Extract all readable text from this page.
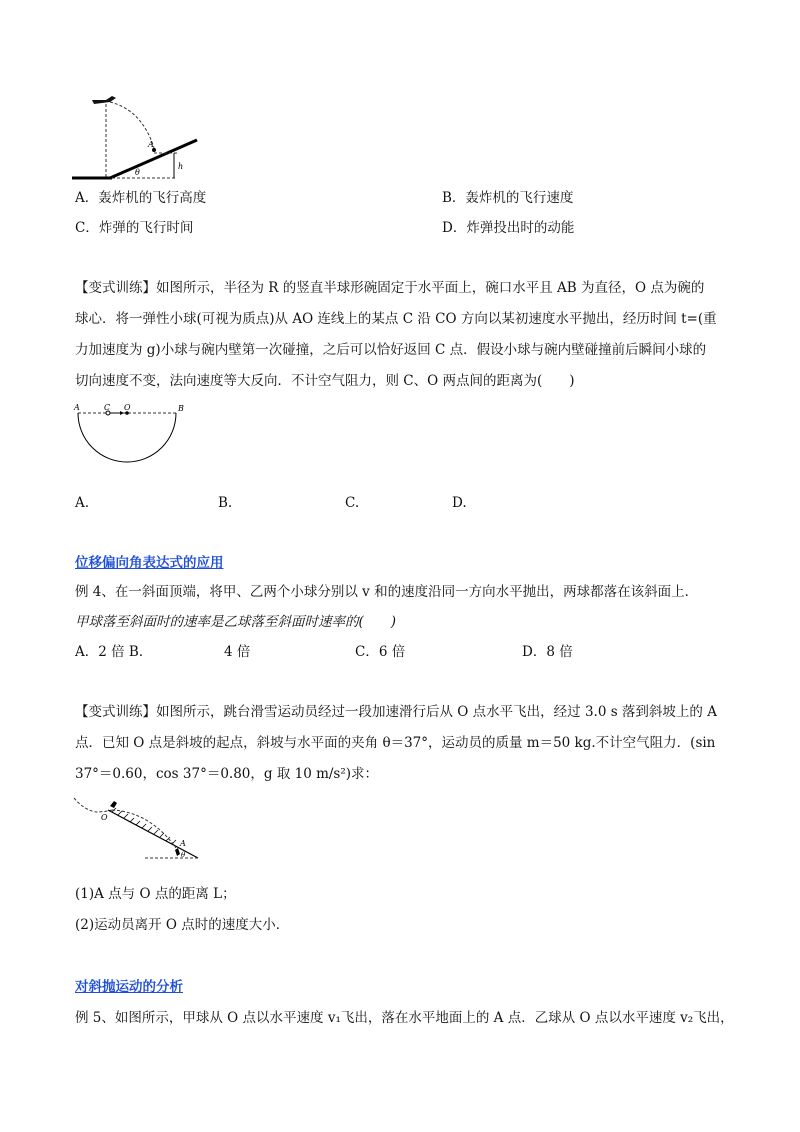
A
h
θ
A．轰炸机的飞行高度	B．轰炸机的飞行速度
C．炸弹的飞行时间	D．炸弹投出时的动能
【变式训练】如图所示，半径为 R 的竖直半球形碗固定于水平面上，碗口水平且 AB 为直径，O 点为碗的
球心．将一弹性小球(可视为质点)从 AO 连线上的某点 C 沿 CO 方向以某初速度水平抛出，经历时间 t=(重
力加速度为 g)小球与碗内壁第一次碰撞，之后可以恰好返回 C 点．假设小球与碗内壁碰撞前后瞬间小球的
切向速度不变，法向速度等大反向．不计空气阻力，则 C、O 两点间的距离为(　　)
A	C O	B
A.	B.	C.	D.
位移偏向角表达式的应用
例 4、在一斜面顶端，将甲、乙两个小球分别以 v 和的速度沿同一方向水平抛出，两球都落在该斜面上．
甲球落至斜面时的速率是乙球落至斜面时速率的(　　)
A．2 倍 B．	4 倍	C．6 倍	D．8 倍
【变式训练】如图所示，跳台滑雪运动员经过一段加速滑行后从 O 点水平飞出，经过 3.0 s 落到斜坡上的 A
点．已知 O 点是斜坡的起点，斜坡与水平面的夹角 θ＝37°，运动员的质量 m＝50 kg.不计空气阻力．(sin
37°＝0.60，cos 37°＝0.80，g 取 10 m/s²)求：
O
A
θ
(1)A 点与 O 点的距离 L；
(2)运动员离开 O 点时的速度大小．
对斜抛运动的分析
例 5、如图所示，甲球从 O 点以水平速度 v₁飞出，落在水平地面上的 A 点．乙球从 O 点以水平速度 v₂飞出，
